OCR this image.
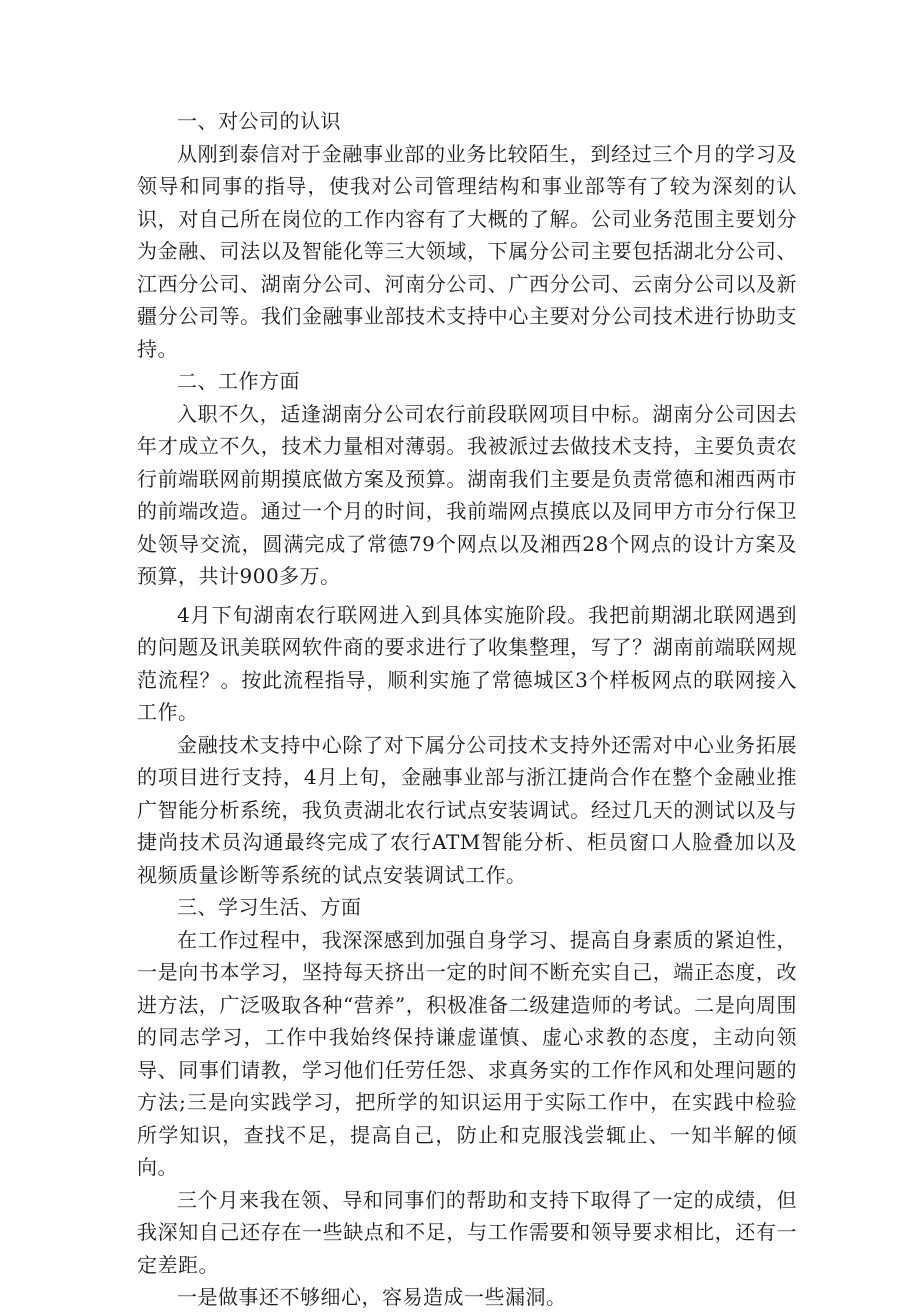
一、对公司的认识

从刚到泰信对于金融事业部的业务比较陌生，到经过三个月的学习及领导和同事的指导，使我对公司管理结构和事业部等有了较为深刻的认识，对自己所在岗位的工作内容有了大概的了解。公司业务范围主要划分为金融、司法以及智能化等三大领域，下属分公司主要包括湖北分公司、江西分公司、湖南分公司、河南分公司、广西分公司、云南分公司以及新疆分公司等。我们金融事业部技术支持中心主要对分公司技术进行协助支持。

二、工作方面

入职不久，适逢湖南分公司农行前段联网项目中标。湖南分公司因去年才成立不久，技术力量相对薄弱。我被派过去做技术支持，主要负责农行前端联网前期摸底做方案及预算。湖南我们主要是负责常德和湘西两市的前端改造。通过一个月的时间，我前端网点摸底以及同甲方市分行保卫处领导交流，圆满完成了常德79个网点以及湘西28个网点的设计方案及预算，共计900多万。

4月下旬湖南农行联网进入到具体实施阶段。我把前期湖北联网遇到的问题及讯美联网软件商的要求进行了收集整理，写了？湖南前端联网规范流程？。按此流程指导，顺利实施了常德城区3个样板网点的联网接入工作。

金融技术支持中心除了对下属分公司技术支持外还需对中心业务拓展的项目进行支持，4月上旬，金融事业部与浙江捷尚合作在整个金融业推广智能分析系统，我负责湖北农行试点安装调试。经过几天的测试以及与捷尚技术员沟通最终完成了农行ATM智能分析、柜员窗口人脸叠加以及视频质量诊断等系统的试点安装调试工作。

三、学习生活、方面

在工作过程中，我深深感到加强自身学习、提高自身素质的紧迫性，一是向书本学习，坚持每天挤出一定的时间不断充实自己，端正态度，改进方法，广泛吸取各种“营养”，积极准备二级建造师的考试。二是向周围的同志学习，工作中我始终保持谦虚谨慎、虚心求教的态度，主动向领导、同事们请教，学习他们任劳任怨、求真务实的工作作风和处理问题的方法;三是向实践学习，把所学的知识运用于实际工作中，在实践中检验所学知识，查找不足，提高自己，防止和克服浅尝辄止、一知半解的倾向。

三个月来我在领、导和同事们的帮助和支持下取得了一定的成绩，但我深知自己还存在一些缺点和不足，与工作需要和领导要求相比，还有一定差距。

一是做事还不够细心，容易造成一些漏洞。
